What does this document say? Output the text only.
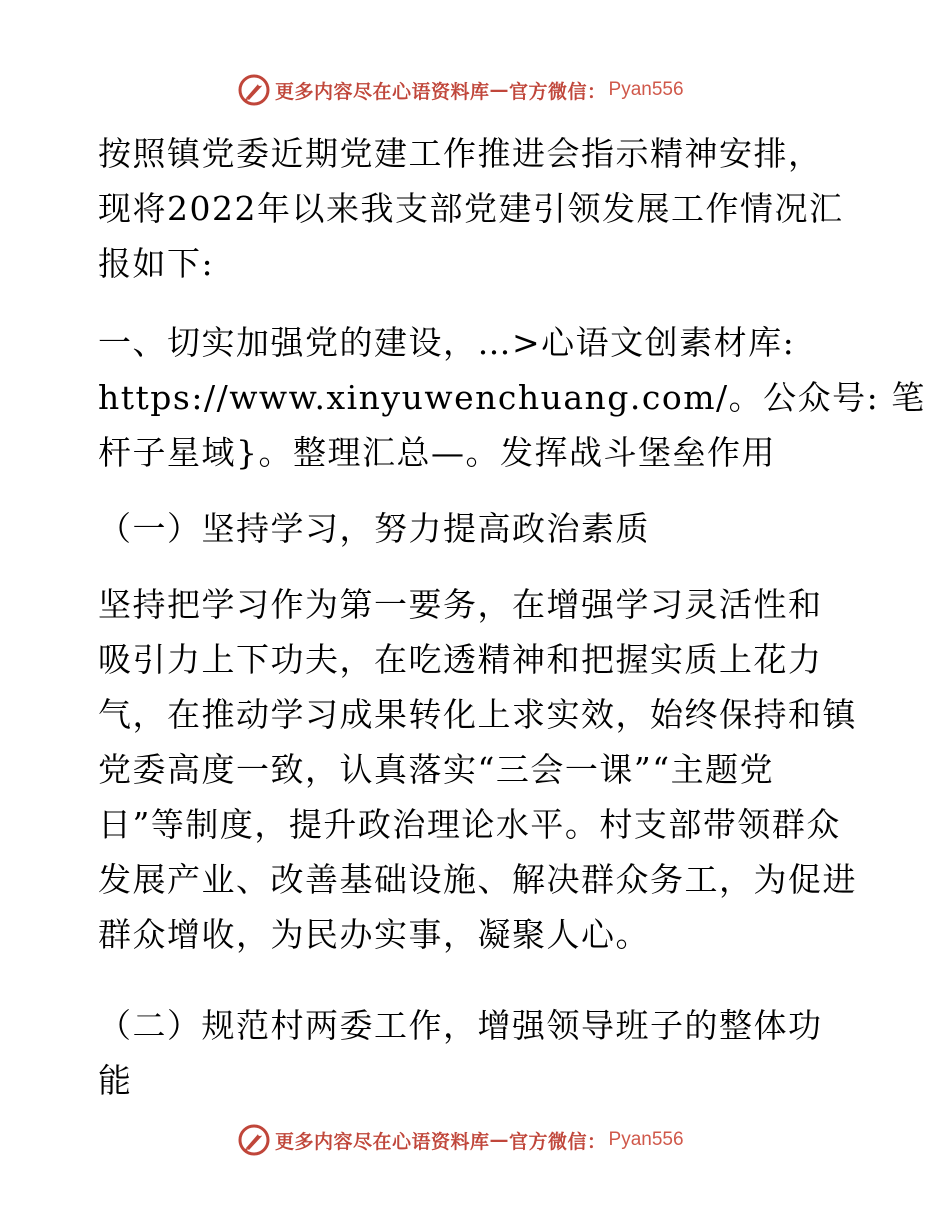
更多内容尽在心语资料库 — 官方微信： Pyan556
按照镇党委近期党建工作推进会指示精神安排，
现将2022年以来我支部党建引领发展工作情况汇
报如下:
一、切实加强党的建设，…>心语文创素材库:
https://www.xinyuwenchuang.com/。公众号: 笔
杆子星域}。整理汇总—。发挥战斗堡垒作用
（一）坚持学习，努力提高政治素质
坚持把学习作为第一要务，在增强学习灵活性和
吸引力上下功夫，在吃透精神和把握实质上花力
气，在推动学习成果转化上求实效，始终保持和镇
党委高度一致，认真落实“三会一课”“主题党
日”等制度，提升政治理论水平。村支部带领群众
发展产业、改善基础设施、解决群众务工，为促进
群众增收，为民办实事，凝聚人心。
（二）规范村两委工作，增强领导班子的整体功
能
更多内容尽在心语资料库 — 官方微信： Pyan556
